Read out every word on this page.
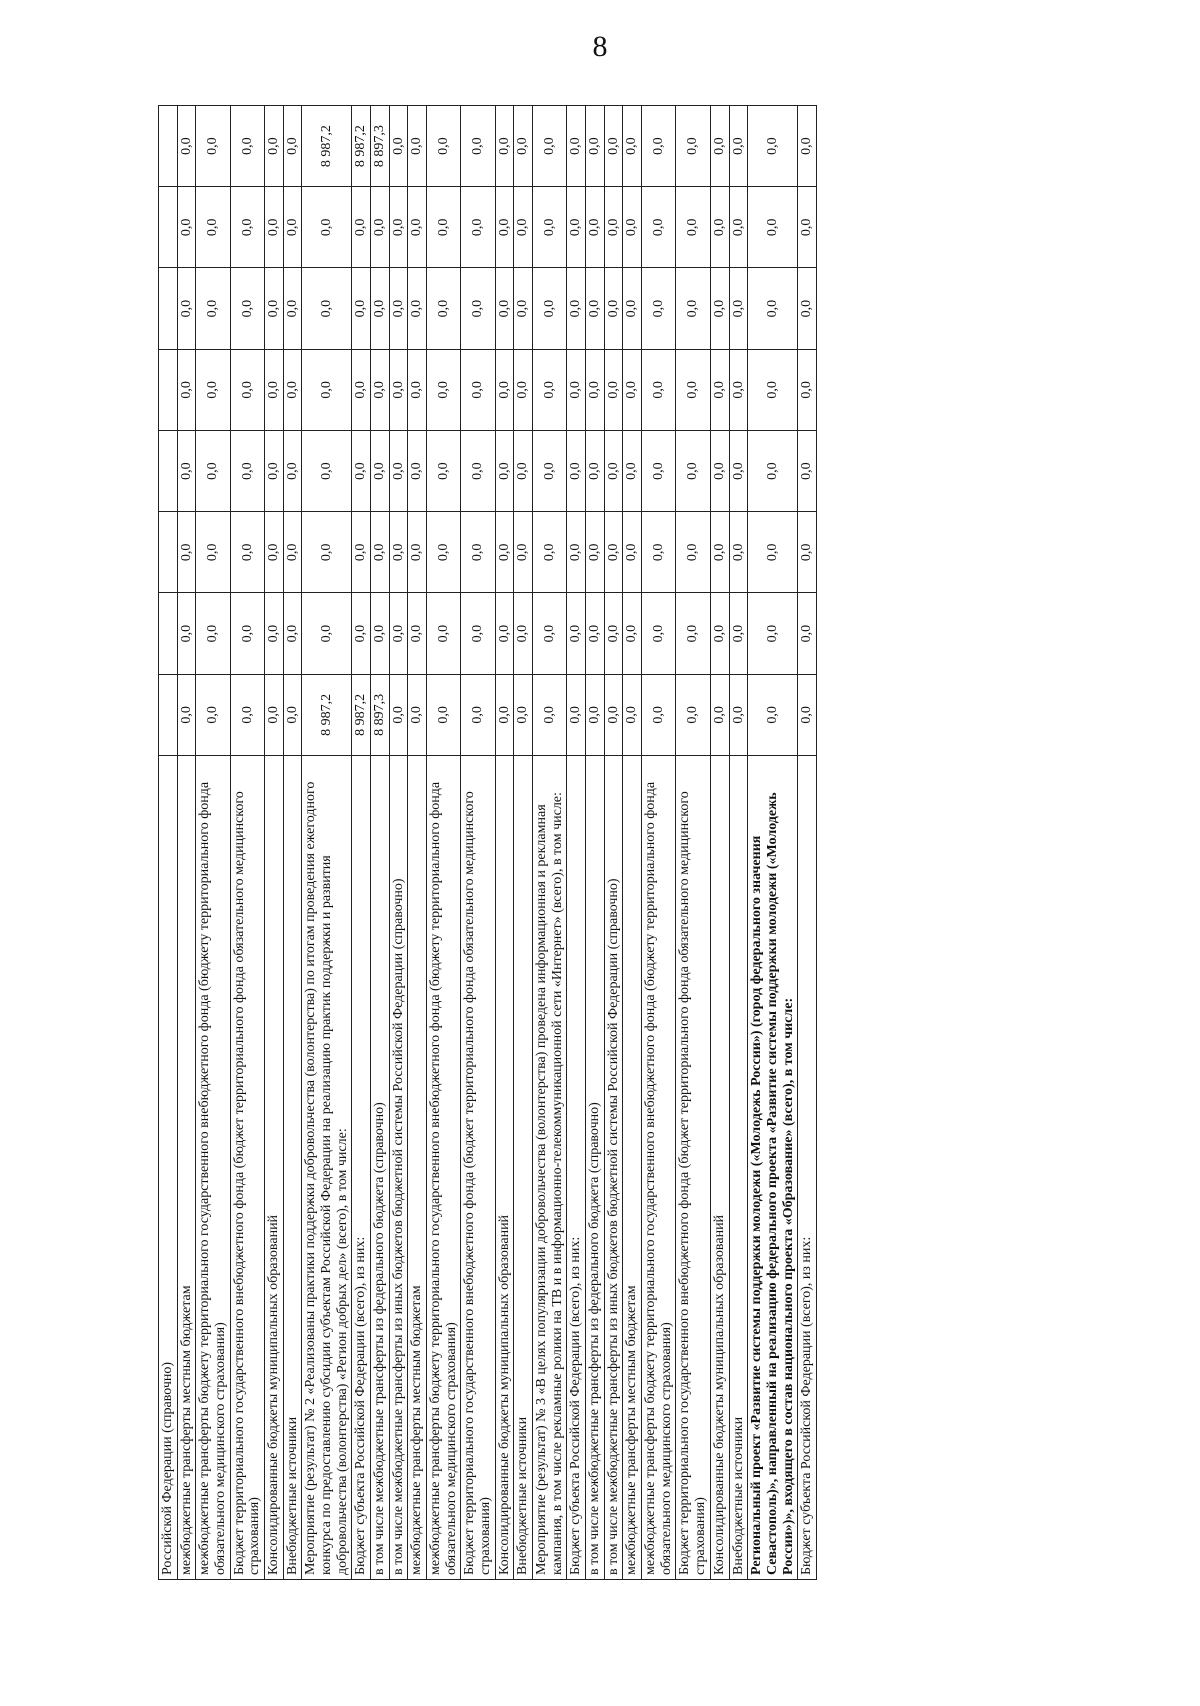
8
Российской Федерации (справочно)								
межбюджетные трансферты местным бюджетам	0,0	0,0	0,0	0,0	0,0	0,0	0,0	0,0
межбюджетные трансферты бюджету территориального государственного внебюджетного фонда (бюджету территориального фонда обязательного медицинского страхования)	0,0	0,0	0,0	0,0	0,0	0,0	0,0	0,0
Бюджет территориального государственного внебюджетного фонда (бюджет территориального фонда обязательного медицинского страхования)	0,0	0,0	0,0	0,0	0,0	0,0	0,0	0,0
Консолидированные бюджеты муниципальных образований	0,0	0,0	0,0	0,0	0,0	0,0	0,0	0,0
Внебюджетные источники	0,0	0,0	0,0	0,0	0,0	0,0	0,0	0,0
Мероприятие (результат) № 2 «Реализованы практики поддержки добровольчества (волонтерства) по итогам проведения ежегодного конкурса по предоставлению субсидии субъектам Российской Федерации на реализацию практик поддержки и развития добровольчества (волонтерства) «Регион добрых дел» (всего), в том числе:	8 987,2	0,0	0,0	0,0	0,0	0,0	0,0	8 987,2
Бюджет субъекта Российской Федерации (всего), из них:	8 987,2	0,0	0,0	0,0	0,0	0,0	0,0	8 987,2
в том числе межбюджетные трансферты из федерального бюджета (справочно)	8 897,3	0,0	0,0	0,0	0,0	0,0	0,0	8 897,3
в том числе межбюджетные трансферты из иных бюджетов бюджетной системы Российской Федерации (справочно)	0,0	0,0	0,0	0,0	0,0	0,0	0,0	0,0
межбюджетные трансферты местным бюджетам	0,0	0,0	0,0	0,0	0,0	0,0	0,0	0,0
межбюджетные трансферты бюджету территориального государственного внебюджетного фонда (бюджету территориального фонда обязательного медицинского страхования)	0,0	0,0	0,0	0,0	0,0	0,0	0,0	0,0
Бюджет территориального государственного внебюджетного фонда (бюджет территориального фонда обязательного медицинского страхования)	0,0	0,0	0,0	0,0	0,0	0,0	0,0	0,0
Консолидированные бюджеты муниципальных образований	0,0	0,0	0,0	0,0	0,0	0,0	0,0	0,0
Внебюджетные источники	0,0	0,0	0,0	0,0	0,0	0,0	0,0	0,0
Мероприятие (результат) № 3 «В целях популяризации добровольчества (волонтерства) проведена информационная и рекламная кампания, в том числе рекламные ролики на ТВ и в информационно-телекоммуникационной сети «Интернет» (всего), в том числе:	0,0	0,0	0,0	0,0	0,0	0,0	0,0	0,0
Бюджет субъекта Российской Федерации (всего), из них:	0,0	0,0	0,0	0,0	0,0	0,0	0,0	0,0
в том числе межбюджетные трансферты из федерального бюджета (справочно)	0,0	0,0	0,0	0,0	0,0	0,0	0,0	0,0
в том числе межбюджетные трансферты из иных бюджетов бюджетной системы Российской Федерации (справочно)	0,0	0,0	0,0	0,0	0,0	0,0	0,0	0,0
межбюджетные трансферты местным бюджетам	0,0	0,0	0,0	0,0	0,0	0,0	0,0	0,0
межбюджетные трансферты бюджету территориального государственного внебюджетного фонда (бюджету территориального фонда обязательного медицинского страхования)	0,0	0,0	0,0	0,0	0,0	0,0	0,0	0,0
Бюджет территориального государственного внебюджетного фонда (бюджет территориального фонда обязательного медицинского страхования)	0,0	0,0	0,0	0,0	0,0	0,0	0,0	0,0
Консолидированные бюджеты муниципальных образований	0,0	0,0	0,0	0,0	0,0	0,0	0,0	0,0
Внебюджетные источники	0,0	0,0	0,0	0,0	0,0	0,0	0,0	0,0
Региональный проект «Развитие системы поддержки молодежи («Молодежь России») (город федерального значения Севастополь)», направленный на реализацию федерального проекта «Развитие системы поддержки молодежи («Молодежь России»)», входящего в состав национального проекта «Образование» (всего), в том числе:	0,0	0,0	0,0	0,0	0,0	0,0	0,0	0,0
Бюджет субъекта Российской Федерации (всего), из них:	0,0	0,0	0,0	0,0	0,0	0,0	0,0	0,0
